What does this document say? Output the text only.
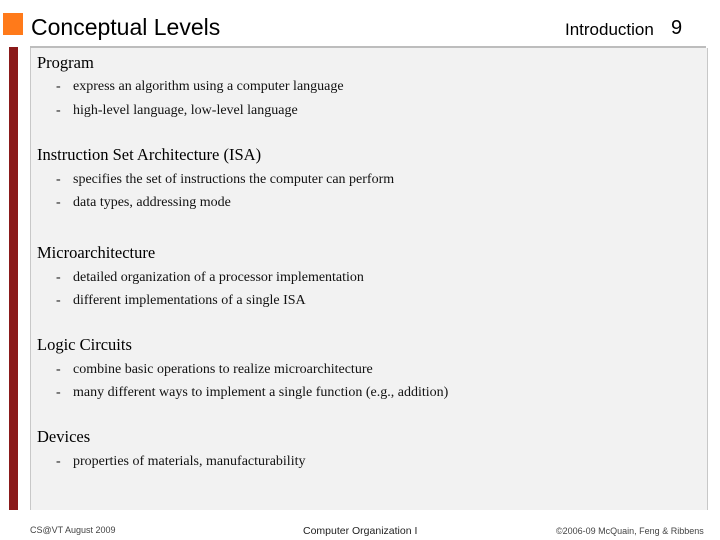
Conceptual Levels	Introduction 9
Program
- express an algorithm using a computer language
- high-level language, low-level language
Instruction Set Architecture (ISA)
- specifies the set of instructions the computer can perform
- data types, addressing mode
Microarchitecture
- detailed organization of a processor implementation
- different implementations of a single ISA
Logic Circuits
- combine basic operations to realize microarchitecture
- many different ways to implement a single function (e.g., addition)
Devices
- properties of materials, manufacturability
CS@VT August 2009	Computer Organization I	©2006-09 McQuain, Feng & Ribbens
